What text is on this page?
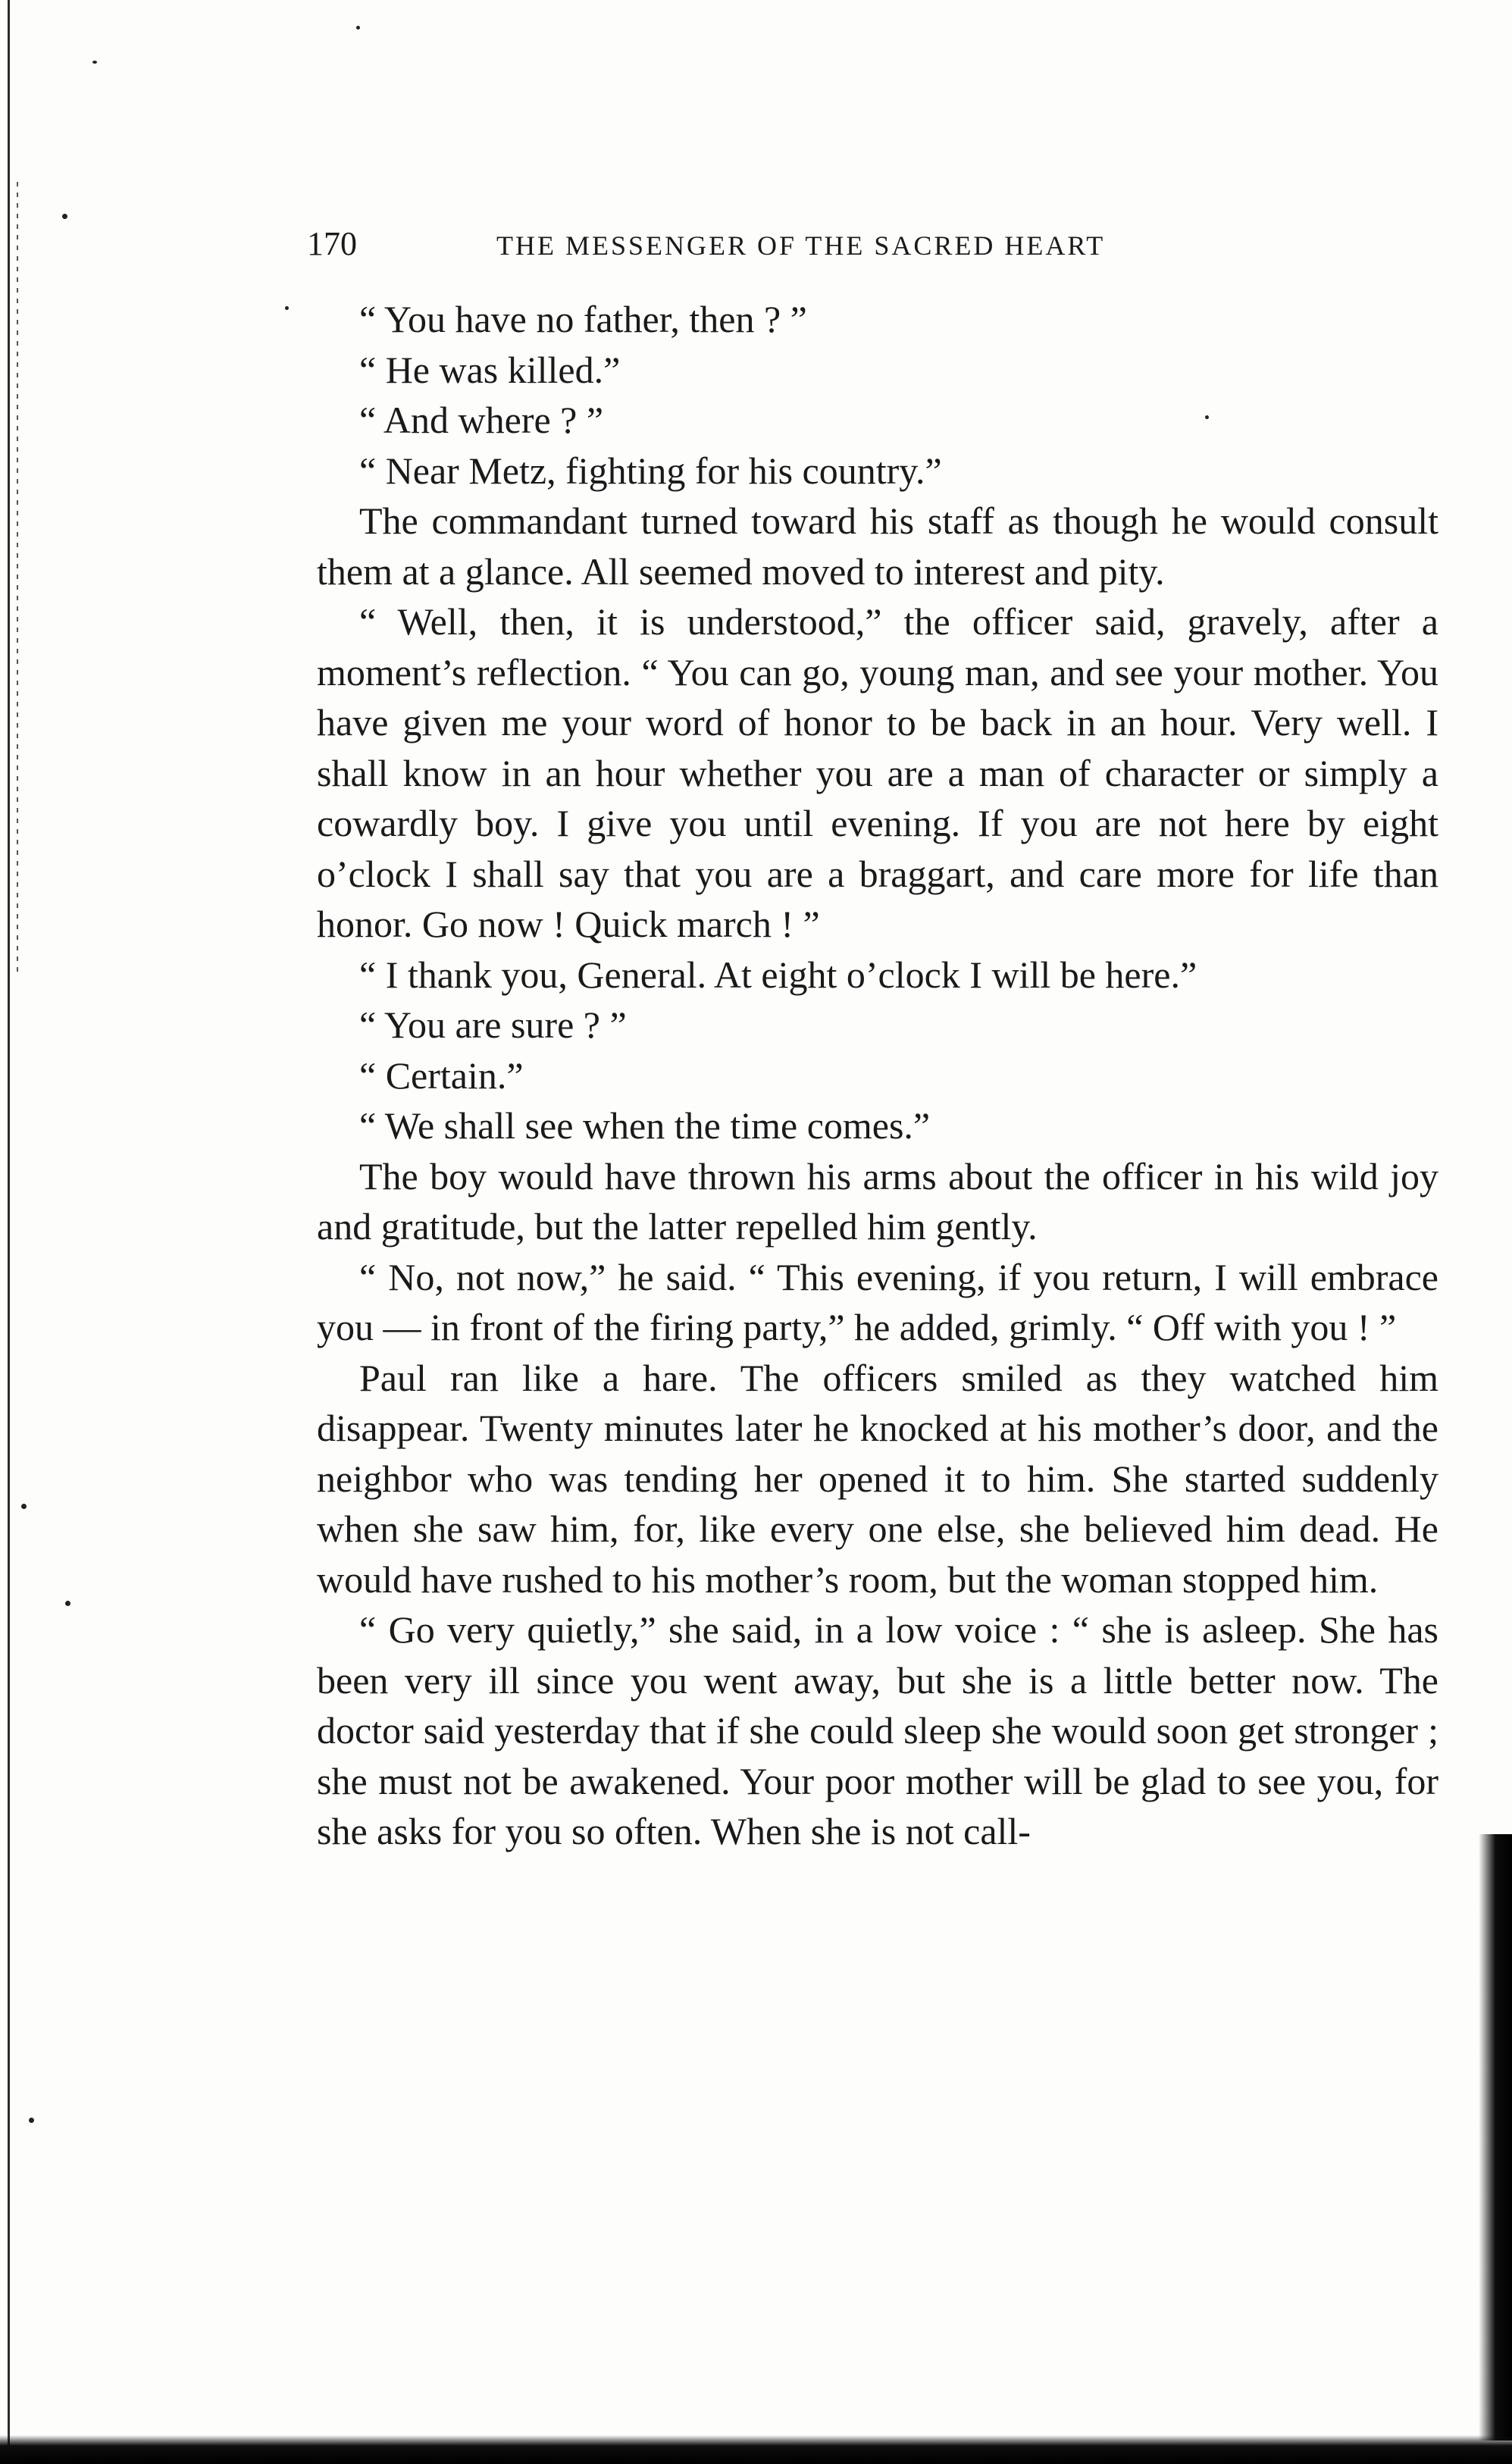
170	THE MESSENGER OF THE SACRED HEART

“ You have no father, then ? ”

“ He was killed.”

“ And where ? ”

“ Near Metz, fighting for his country.”

The commandant turned toward his staff as though he would consult them at a glance. All seemed moved to interest and pity.

“ Well, then, it is understood,” the officer said, gravely, after a moment’s reflection. “ You can go, young man, and see your mother. You have given me your word of honor to be back in an hour. Very well. I shall know in an hour whether you are a man of character or simply a cowardly boy. I give you until evening. If you are not here by eight o’clock I shall say that you are a braggart, and care more for life than honor. Go now ! Quick march ! ”

“ I thank you, General. At eight o’clock I will be here.”

“ You are sure ? ”

“ Certain.”

“ We shall see when the time comes.”

The boy would have thrown his arms about the officer in his wild joy and gratitude, but the latter repelled him gently.

“ No, not now,” he said. “ This evening, if you return, I will embrace you — in front of the firing party,” he added, grimly. “ Off with you ! ”

Paul ran like a hare. The officers smiled as they watched him disappear. Twenty minutes later he knocked at his mother’s door, and the neighbor who was tending her opened it to him. She started suddenly when she saw him, for, like every one else, she believed him dead. He would have rushed to his mother’s room, but the woman stopped him.

“ Go very quietly,” she said, in a low voice : “ she is asleep. She has been very ill since you went away, but she is a little better now. The doctor said yesterday that if she could sleep she would soon get stronger ; she must not be awakened. Your poor mother will be glad to see you, for she asks for you so often. When she is not call-
